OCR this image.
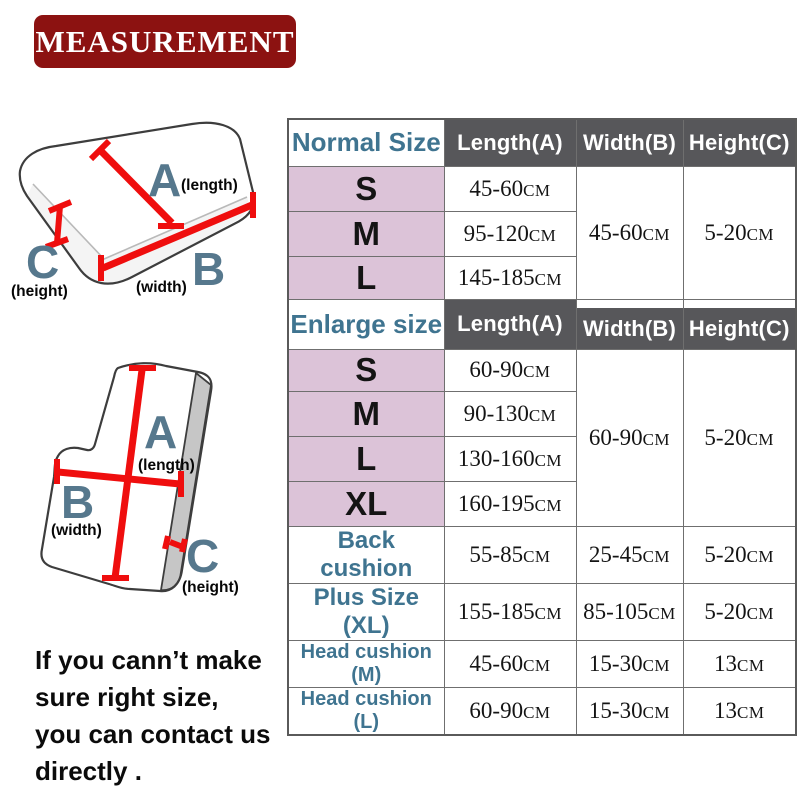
MEASUREMENT
A (length)
B
(width)
C
(height)
A
(length)
B
(width) C
(height)
Normal Size	Length(A)	Width(B)	Height(C)
S	45-60CM	45-60CM	5-20CM
M	95-120CM		
L	145-185CM		
Enlarge size	Length(A)	Width(B)	Height(C)
S	60-90CM	60-90CM	5-20CM
M	90-130CM		
L	130-160CM		
XL	160-195CM		
Back cushion	55-85CM	25-45CM	5-20CM
Plus Size (XL)	155-185CM	85-105CM	5-20CM
Head cushion (M)	45-60CM	15-30CM	13CM
Head cushion (L)	60-90CM	15-30CM	13CM
If you cann’t make
sure right size,
you can contact us
directly .
